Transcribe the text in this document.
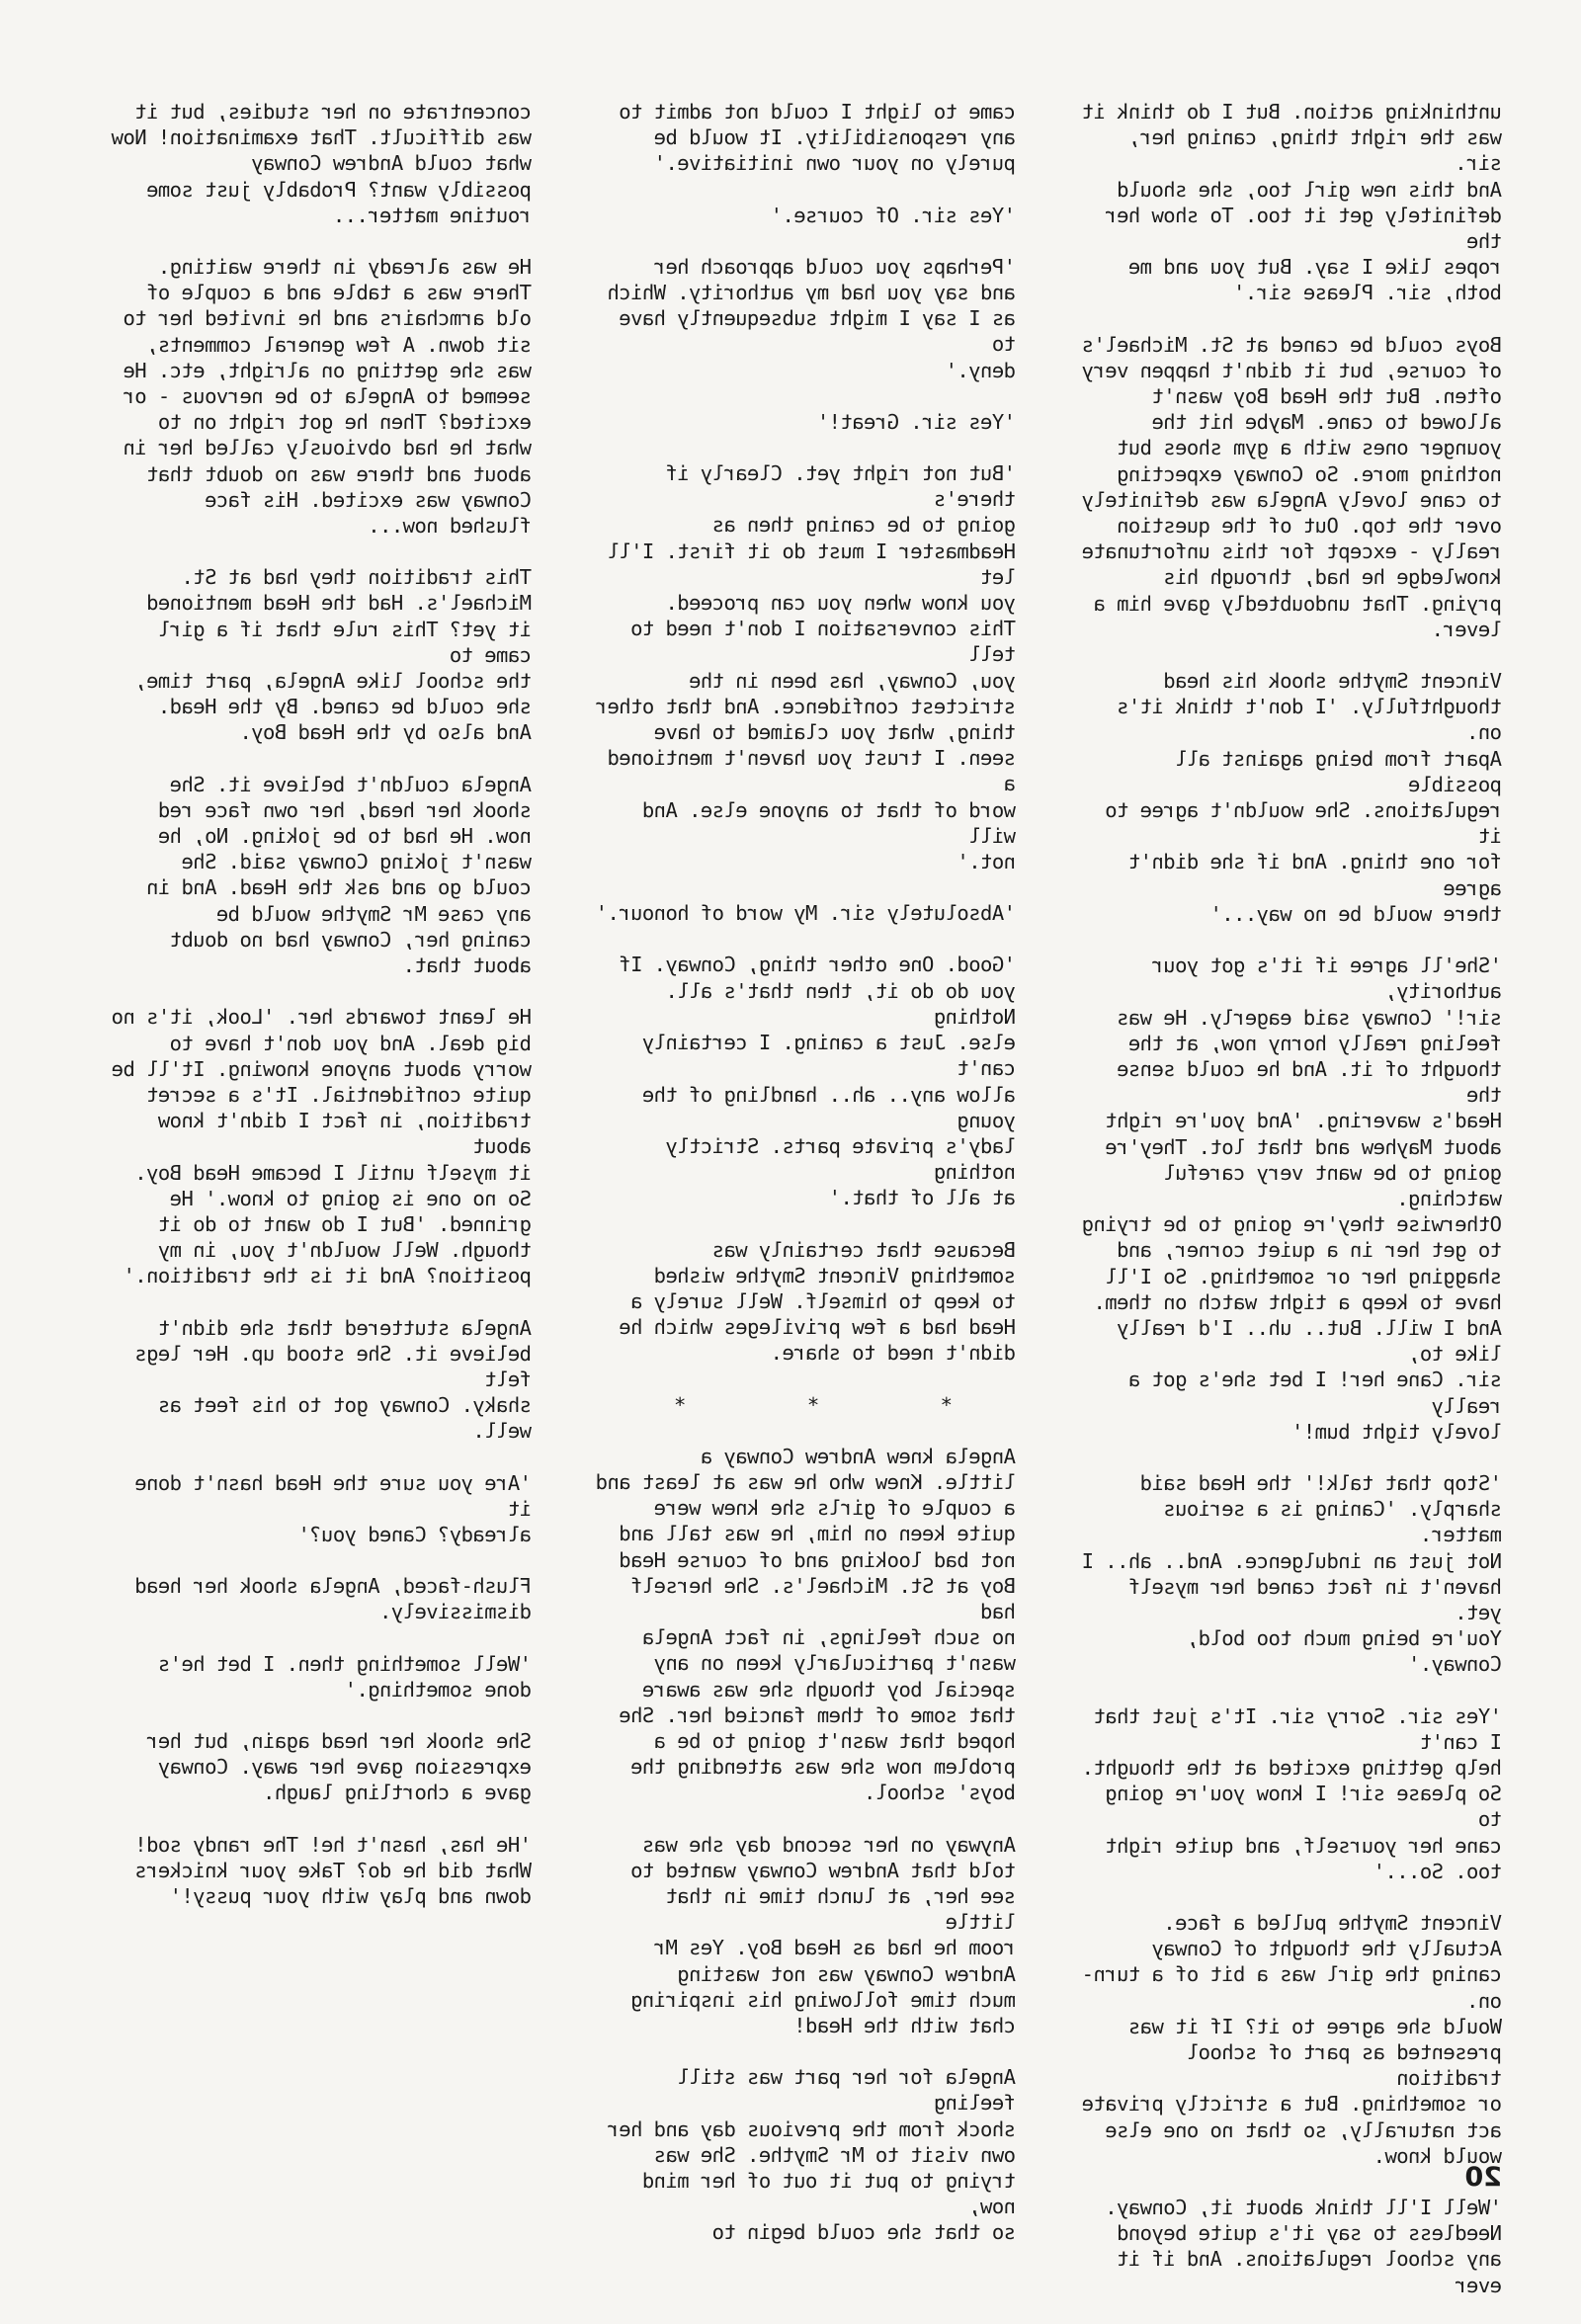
unthinking action. But I do think it
was the right thing, caning her, sir.
And this new girl too, she should
definitely get it too. To show her the
ropes like I say. But you and me
both, sir. Please sir.'

Boys could be caned at St. Michael's
of course, but it didn't happen very
often. But the Head Boy wasn't
allowed to cane. Maybe hit the
younger ones with a gym shoes but
nothing more. So Conway expecting
to cane lovely Angela was definitely
over the top. Out of the question
really - except for this unfortunate
knowledge he had, through his
prying. That undoubtedly gave him a
lever.

Vincent Smythe shook his head
thoughtfully. 'I don't think it's on.
Apart from being against all possible
regulations. She wouldn't agree to it
for one thing. And if she didn't agree
there would be no way...'

'She'll agree if it's got your authority,
sir!' Conway said eagerly. He was
feeling really horny now, at the
thought of it. And he could sense the
Head's wavering. 'And you're right
about Mayhew and that lot. They're
going to be want very careful watching.
Otherwise they're going to be trying
to get her in a quiet corner, and
shagging her or something. So I'll
have to keep a tight watch on them.
And I will. But.. uh.. I'd really like to,
sir. Cane her! I bet she's got a really
lovely tight bum!'

'Stop that talk!' the Head said
sharply. 'Caning is a serious matter.
Not just an indulgence. And.. ah.. I
haven't in fact caned her myself yet.
You're being much too bold,
Conway.'

'Yes sir. Sorry sir. It's just that I can't
help getting excited at the thought.
So please sir! I know you're going to
cane her yourself, and quite right
too. So...'

Vincent Smythe pulled a face.
Actually the thought of Conway
caning the girl was a bit of a turn-on.
Would she agree to it? If it was
presented as part of school tradition
or something. But a strictly private
act naturally, so that no one else
would know.

'Well I'll think about it, Conway.
Needless to say it's quite beyond
any school regulations. And if it ever

came to light I could not admit to
any responsibility. It would be
purely on your own initiative.'

'Yes sir. Of course.'

'Perhaps you could approach her
and say you had my authority. Which
as I say I might subsequently have to
deny.'

'Yes sir. Great!'

'But not right yet. Clearly if there's
going to be caning then as
Headmaster I must do it first. I'll let
you know when you can proceed.
This conversation I don't need to tell
you, Conway, has been in the
strictest confidence. And that other
thing, what you claimed to have
seen. I trust you haven't mentioned a
word of that to anyone else. And will
not.'

'Absolutely sir. My word of honour.'

'Good. One other thing, Conway. If
you do do it, then that's all. Nothing
else. Just a caning. I certainly can't
allow any.. ah.. handling of the young
lady's private parts. Strictly nothing
at all of that.'

Because that certainly was
something Vincent Smythe wished
to keep to himself. Well surely a
Head had a few privileges which he
didn't need to share.

* * *

Angela knew Andrew Conway a
little. Knew who he was at least and
a couple of girls she knew were
quite keen on him, he was tall and
not bad looking and of course Head
Boy at St. Michael's. She herself had
no such feelings, in fact Angela
wasn't particularly keen on any
special boy though she was aware
that some of them fancied her. She
hoped that wasn't going to be a
problem now she was attending the
boys' school.

Anyway on her second day she was
told that Andrew Conway wanted to
see her, at lunch time in that little
room he had as Head Boy. Yes Mr
Andrew Conway was not wasting
much time following his inspiring
chat with the Head!

Angela for her part was still feeling
shock from the previous day and her
own visit to Mr Smythe. She was
trying to put it out of her mind now,
so that she could begin to

concentrate on her studies, but it
was difficult. That examination! Now
what could Andrew Conway
possibly want? Probably just some
routine matter...

He was already in there waiting.
There was a table and a couple of
old armchairs and he invited her to
sit down. A few general comments,
was she getting on alright, etc. He
seemed to Angela to be nervous - or
excited? Then he got right on to
what he had obviously called her in
about and there was no doubt that
Conway was excited. His face
flushed now...

This tradition they had at St.
Michael's. Had the Head mentioned
it yet? This rule that if a girl came to
the school like Angela, part time,
she could be caned. By the Head.
And also by the Head Boy.

Angela couldn't believe it. She
shook her head, her own face red
now. He had to be joking. No, he
wasn't joking Conway said. She
could go and ask the Head. And in
any case Mr Smythe would be
caning her, Conway had no doubt
about that.

He leant towards her. 'Look, it's no
big deal. And you don't have to
worry about anyone knowing. It'll be
quite confidential. It's a secret
tradition, in fact I didn't know about
it myself until I became Head Boy.
So no one is going to know.' He
grinned. 'But I do want to do it
though. Well wouldn't you, in my
position? And it is the tradition.'

Angela stuttered that she didn't
believe it. She stood up. Her legs felt
shaky. Conway got to his feet as
well.

'Are you sure the Head hasn't done it
already? Caned you?'

Flush-faced, Angela shook her head
dismissively.

'Well something then. I bet he's
done something.'

She shook her head again, but her
expression gave her away. Conway
gave a chortling laugh.

'He has, hasn't he! The randy sod!
What did he do? Take your knickers
down and play with your pussy!'

20
